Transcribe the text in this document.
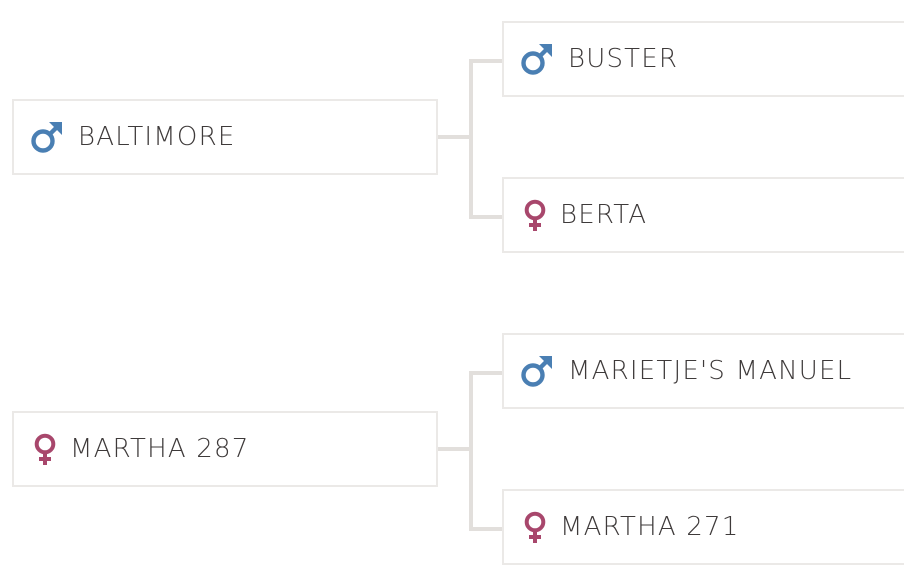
BALTIMORE
BUSTER
BERTA
MARTHA 287
MARIETJE'S MANUEL
MARTHA 271
